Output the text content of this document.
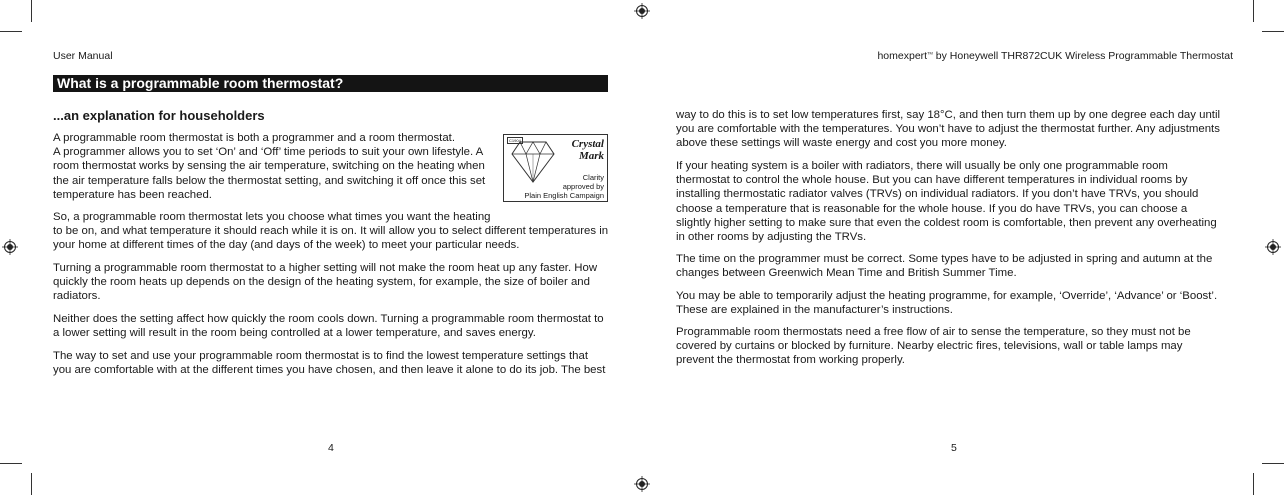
User Manual	homexpert™ by Honeywell THR872CUK Wireless Programmable Thermostat
What is a programmable room thermostat?
...an explanation for householders
A programmable room thermostat is both a programmer and a room thermostat.
A programmer allows you to set ‘On’ and ‘Off’ time periods to suit your own lifestyle. A
room thermostat works by sensing the air temperature, switching on the heating when
the air temperature falls below the thermostat setting, and switching it off once this set
temperature has been reached.
C1904	Crystal
Mark
Clarity
approved by
Plain English Campaign
So, a programmable room thermostat lets you choose what times you want the heating
to be on, and what temperature it should reach while it is on. It will allow you to select different temperatures in
your home at different times of the day (and days of the week) to meet your particular needs.
Turning a programmable room thermostat to a higher setting will not make the room heat up any faster. How quickly the room heats up depends on the design of the heating system, for example, the size of boiler and radiators.
Neither does the setting affect how quickly the room cools down. Turning a programmable room thermostat to a lower setting will result in the room being controlled at a lower temperature, and saves energy.
The way to set and use your programmable room thermostat is to find the lowest temperature settings that you are comfortable with at the different times you have chosen, and then leave it alone to do its job. The best
4
way to do this is to set low temperatures first, say 18°C, and then turn them up by one degree each day until you are comfortable with the temperatures. You won’t have to adjust the thermostat further. Any adjustments above these settings will waste energy and cost you more money.
If your heating system is a boiler with radiators, there will usually be only one programmable room thermostat to control the whole house. But you can have different temperatures in individual rooms by installing thermostatic radiator valves (TRVs) on individual radiators. If you don’t have TRVs, you should choose a temperature that is reasonable for the whole house. If you do have TRVs, you can choose a slightly higher setting to make sure that even the coldest room is comfortable, then prevent any overheating in other rooms by adjusting the TRVs.
The time on the programmer must be correct. Some types have to be adjusted in spring and autumn at the changes between Greenwich Mean Time and British Summer Time.
You may be able to temporarily adjust the heating programme, for example, ‘Override’, ‘Advance’ or ‘Boost’. These are explained in the manufacturer’s instructions.
Programmable room thermostats need a free flow of air to sense the temperature, so they must not be covered by curtains or blocked by furniture. Nearby electric fires, televisions, wall or table lamps may prevent the thermostat from working properly.
5
